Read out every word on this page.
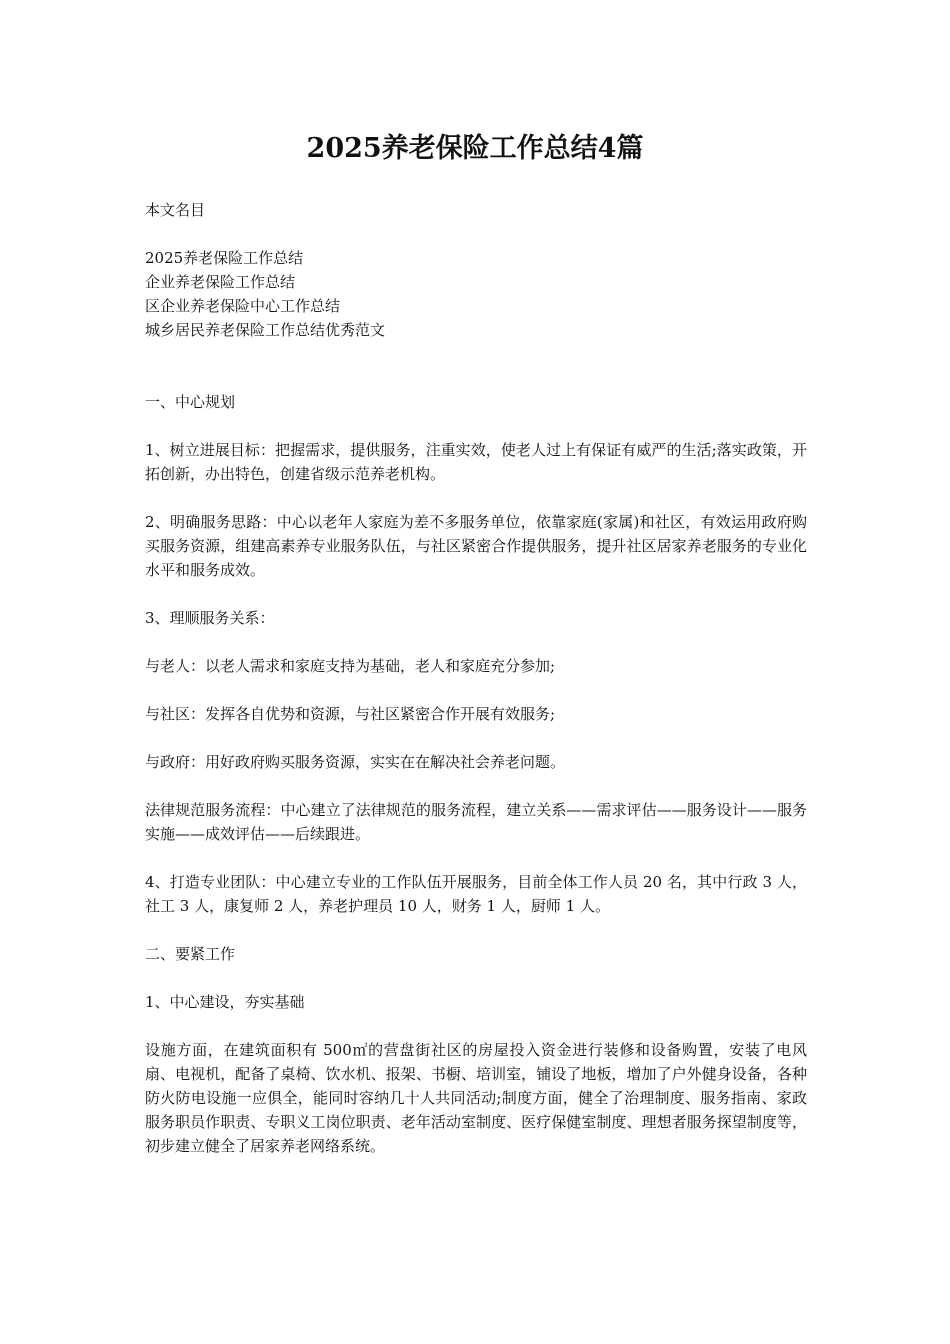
2025养老保险工作总结4篇

本文名目

2025养老保险工作总结

企业养老保险工作总结

区企业养老保险中心工作总结

城乡居民养老保险工作总结优秀范文

一、中心规划

1、树立进展目标：把握需求，提供服务，注重实效，使老人过上有保证有威严的生活;落实政策，开拓创新，办出特色，创建省级示范养老机构。

2、明确服务思路：中心以老年人家庭为差不多服务单位，依靠家庭(家属)和社区，有效运用政府购买服务资源，组建高素养专业服务队伍，与社区紧密合作提供服务，提升社区居家养老服务的专业化水平和服务成效。

3、理顺服务关系：

与老人：以老人需求和家庭支持为基础，老人和家庭充分参加;

与社区：发挥各自优势和资源，与社区紧密合作开展有效服务;

与政府：用好政府购买服务资源，实实在在解决社会养老问题。

法律规范服务流程：中心建立了法律规范的服务流程，建立关系——需求评估——服务设计——服务实施——成效评估——后续跟进。

4、打造专业团队：中心建立专业的工作队伍开展服务，目前全体工作人员 20 名，其中行政 3 人，社工 3 人，康复师 2 人，养老护理员 10 人，财务 1 人，厨师 1 人。

二、要紧工作

1、中心建设，夯实基础

设施方面，在建筑面积有 500㎡的营盘街社区的房屋投入资金进行装修和设备购置，安装了电风扇、电视机，配备了桌椅、饮水机、报架、书橱、培训室，铺设了地板，增加了户外健身设备，各种防火防电设施一应俱全，能同时容纳几十人共同活动;制度方面，健全了治理制度、服务指南、家政服务职员作职责、专职义工岗位职责、老年活动室制度、医疗保健室制度、理想者服务探望制度等，初步建立健全了居家养老网络系统。
